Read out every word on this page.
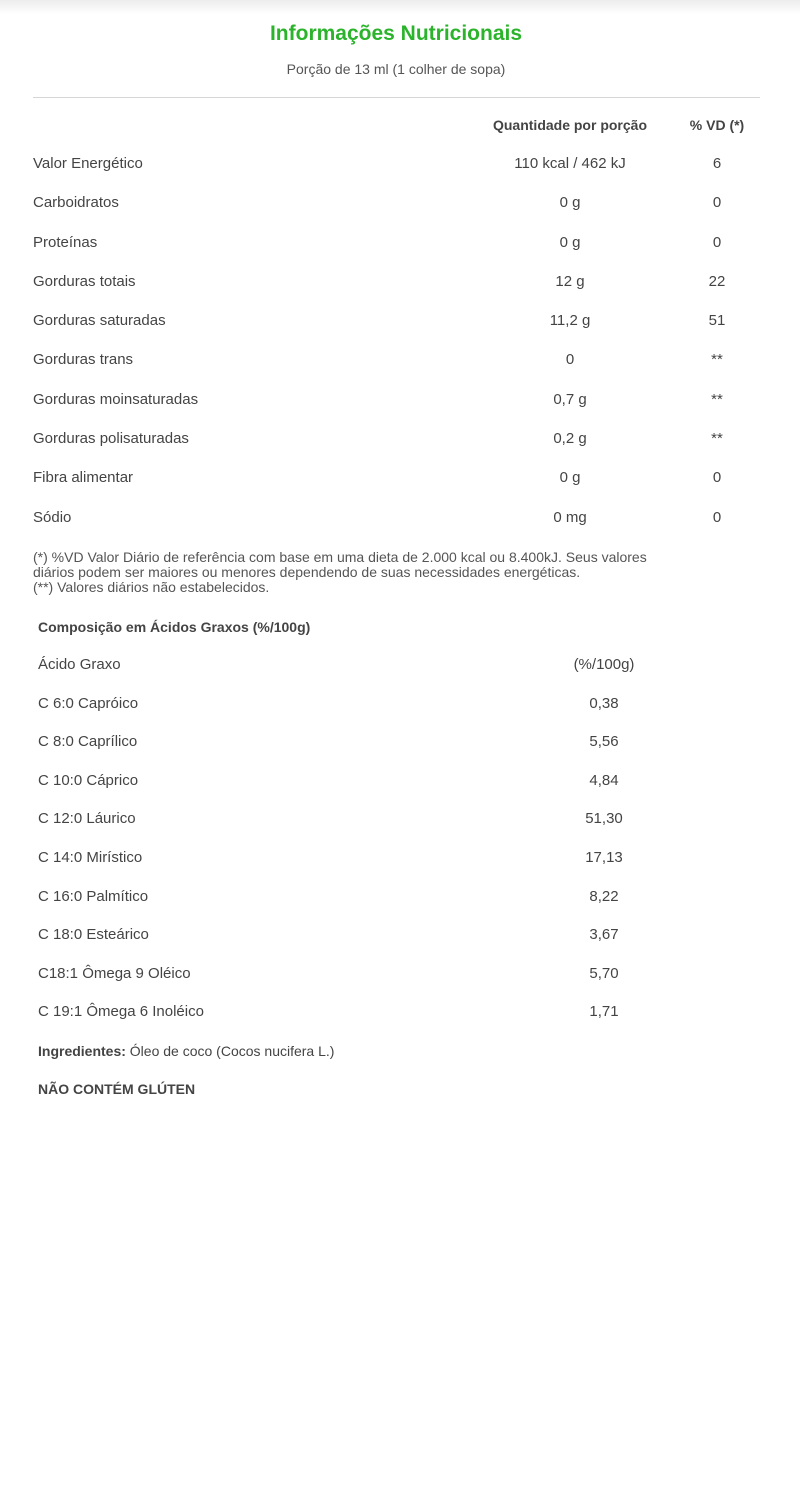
Informações Nutricionais
Porção de 13 ml (1 colher de sopa)
Quantidade por porção	% VD (*)
Valor Energético	110 kcal / 462 kJ	6
Carboidratos	0 g	0
Proteínas	0 g	0
Gorduras totais	12 g	22
Gorduras saturadas	11,2 g	51
Gorduras trans	0	**
Gorduras moinsaturadas	0,7 g	**
Gorduras polisaturadas	0,2 g	**
Fibra alimentar	0 g	0
Sódio	0 mg	0
(*) %VD Valor Diário de referência com base em uma dieta de 2.000 kcal ou 8.400kJ. Seus valores
diários podem ser maiores ou menores dependendo de suas necessidades energéticas.
(**) Valores diários não estabelecidos.
Composição em Ácidos Graxos (%/100g)
Ácido Graxo	(%/100g)
C 6:0 Capróico	0,38
C 8:0 Caprílico	5,56
C 10:0 Cáprico	4,84
C 12:0 Láurico	51,30
C 14:0 Mirístico	17,13
C 16:0 Palmítico	8,22
C 18:0 Esteárico	3,67
C18:1 Ômega 9 Oléico	5,70
C 19:1 Ômega 6 Inoléico	1,71
Ingredientes: Óleo de coco (Cocos nucifera L.)
NÃO CONTÉM GLÚTEN
